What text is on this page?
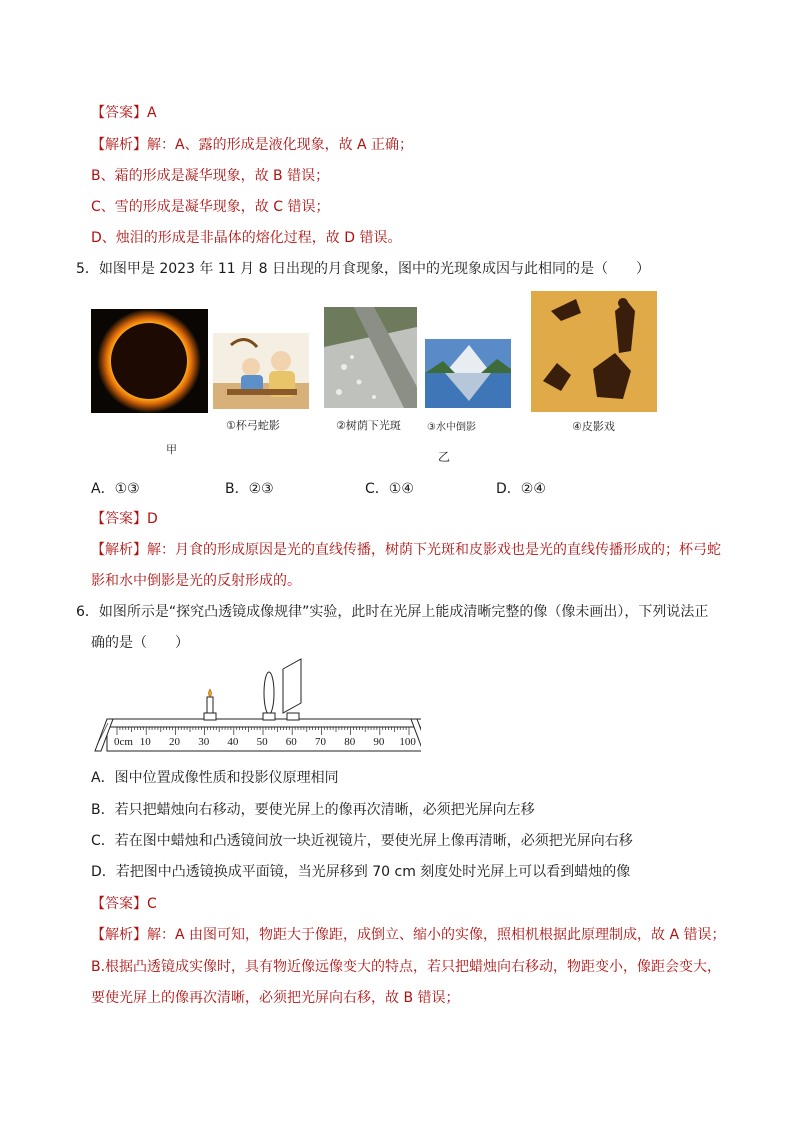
【答案】A
【解析】解：A、露的形成是液化现象，故 A 正确；
B、霜的形成是凝华现象，故 B 错误；
C、雪的形成是凝华现象，故 C 错误；
D、烛泪的形成是非晶体的熔化过程，故 D 错误。
5．如图甲是 2023 年 11 月 8 日出现的月食现象，图中的光现象成因与此相同的是（　　）
甲
①杯弓蛇影	②树荫下光斑	③水中倒影
乙
④皮影戏
A．①③	B．②③	C．①④	D．②④
【答案】D
【解析】解：月食的形成原因是光的直线传播，树荫下光斑和皮影戏也是光的直线传播形成的；杯弓蛇
影和水中倒影是光的反射形成的。
6．如图所示是“探究凸透镜成像规律”实验，此时在光屏上能成清晰完整的像（像未画出），下列说法正
确的是（　　）
0cm 10 20 30 40 50 60 70 80 90 100
A．图中位置成像性质和投影仪原理相同
B．若只把蜡烛向右移动，要使光屏上的像再次清晰，必须把光屏向左移
C．若在图中蜡烛和凸透镜间放一块近视镜片，要使光屏上像再清晰，必须把光屏向右移
D．若把图中凸透镜换成平面镜，当光屏移到 70 cm 刻度处时光屏上可以看到蜡烛的像
【答案】C
【解析】解：A 由图可知，物距大于像距，成倒立、缩小的实像，照相机根据此原理制成，故 A 错误；
B.根据凸透镜成实像时，具有物近像远像变大的特点，若只把蜡烛向右移动，物距变小，像距会变大，
要使光屏上的像再次清晰，必须把光屏向右移，故 B 错误；
